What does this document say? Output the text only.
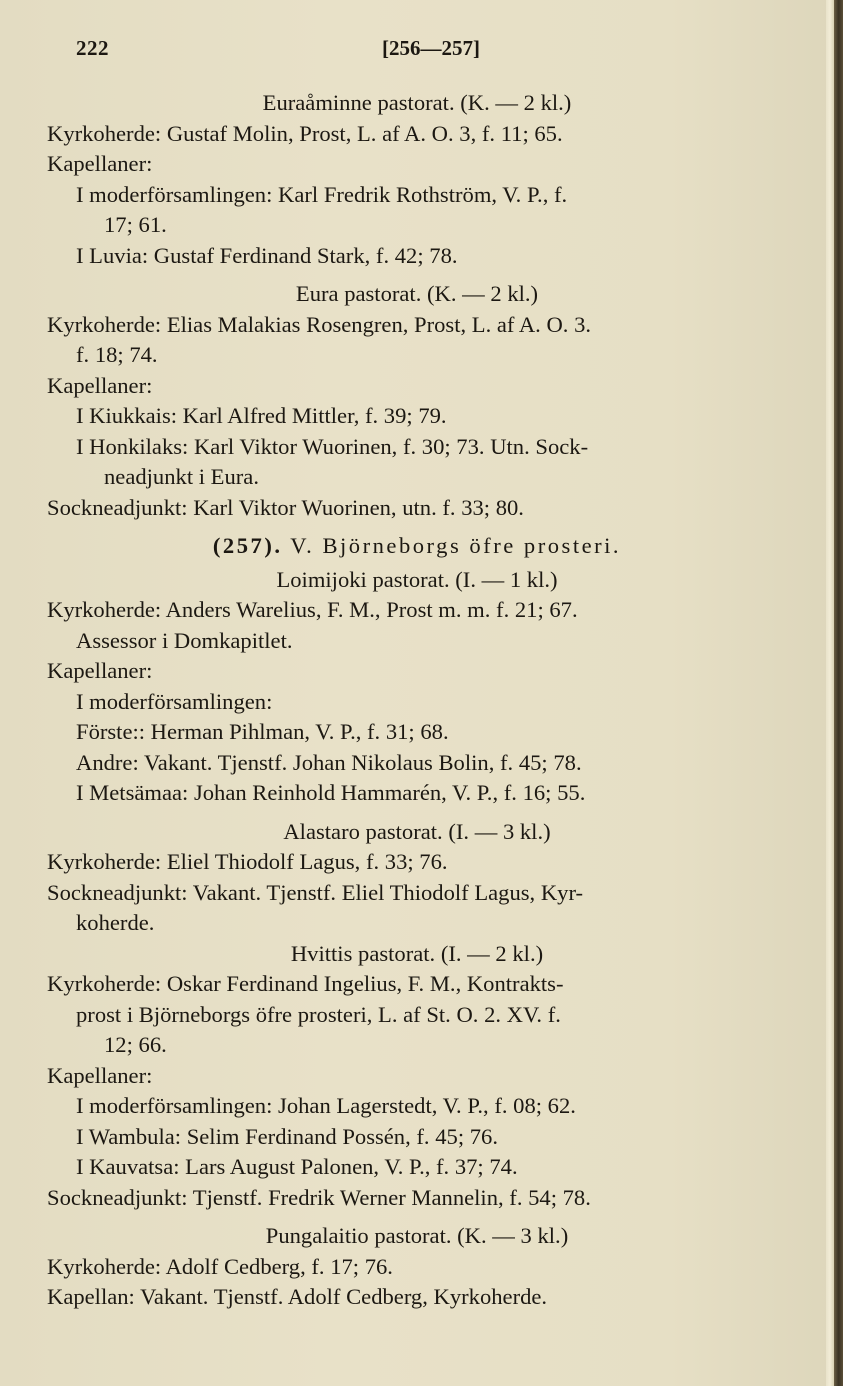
222	[256—257]
Euraåminne pastorat. (K. — 2 kl.)
Kyrkoherde: Gustaf Molin, Prost, L. af A. O. 3, f. 11; 65.
Kapellaner:
I moderförsamlingen: Karl Fredrik Rothström, V. P., f.
17; 61.
I Luvia: Gustaf Ferdinand Stark, f. 42; 78.
Eura pastorat. (K. — 2 kl.)
Kyrkoherde: Elias Malakias Rosengren, Prost, L. af A. O. 3.
f. 18; 74.
Kapellaner:
I Kiukkais: Karl Alfred Mittler, f. 39; 79.
I Honkilaks: Karl Viktor Wuorinen, f. 30; 73. Utn. Sock-
neadjunkt i Eura.
Sockneadjunkt: Karl Viktor Wuorinen, utn. f. 33; 80.
(257). V. Björneborgs öfre prosteri.
Loimijoki pastorat. (I. — 1 kl.)
Kyrkoherde: Anders Warelius, F. M., Prost m. m. f. 21; 67.
Assessor i Domkapitlet.
Kapellaner:
I moderförsamlingen:
Förste:: Herman Pihlman, V. P., f. 31; 68.
Andre: Vakant. Tjenstf. Johan Nikolaus Bolin, f. 45; 78.
I Metsämaa: Johan Reinhold Hammarén, V. P., f. 16; 55.
Alastaro pastorat. (I. — 3 kl.)
Kyrkoherde: Eliel Thiodolf Lagus, f. 33; 76.
Sockneadjunkt: Vakant. Tjenstf. Eliel Thiodolf Lagus, Kyr-
koherde.
Hvittis pastorat. (I. — 2 kl.)
Kyrkoherde: Oskar Ferdinand Ingelius, F. M., Kontrakts-
prost i Björneborgs öfre prosteri, L. af St. O. 2. XV. f.
12; 66.
Kapellaner:
I moderförsamlingen: Johan Lagerstedt, V. P., f. 08; 62.
I Wambula: Selim Ferdinand Possén, f. 45; 76.
I Kauvatsa: Lars August Palonen, V. P., f. 37; 74.
Sockneadjunkt: Tjenstf. Fredrik Werner Mannelin, f. 54; 78.
Pungalaitio pastorat. (K. — 3 kl.)
Kyrkoherde: Adolf Cedberg, f. 17; 76.
Kapellan: Vakant. Tjenstf. Adolf Cedberg, Kyrkoherde.
